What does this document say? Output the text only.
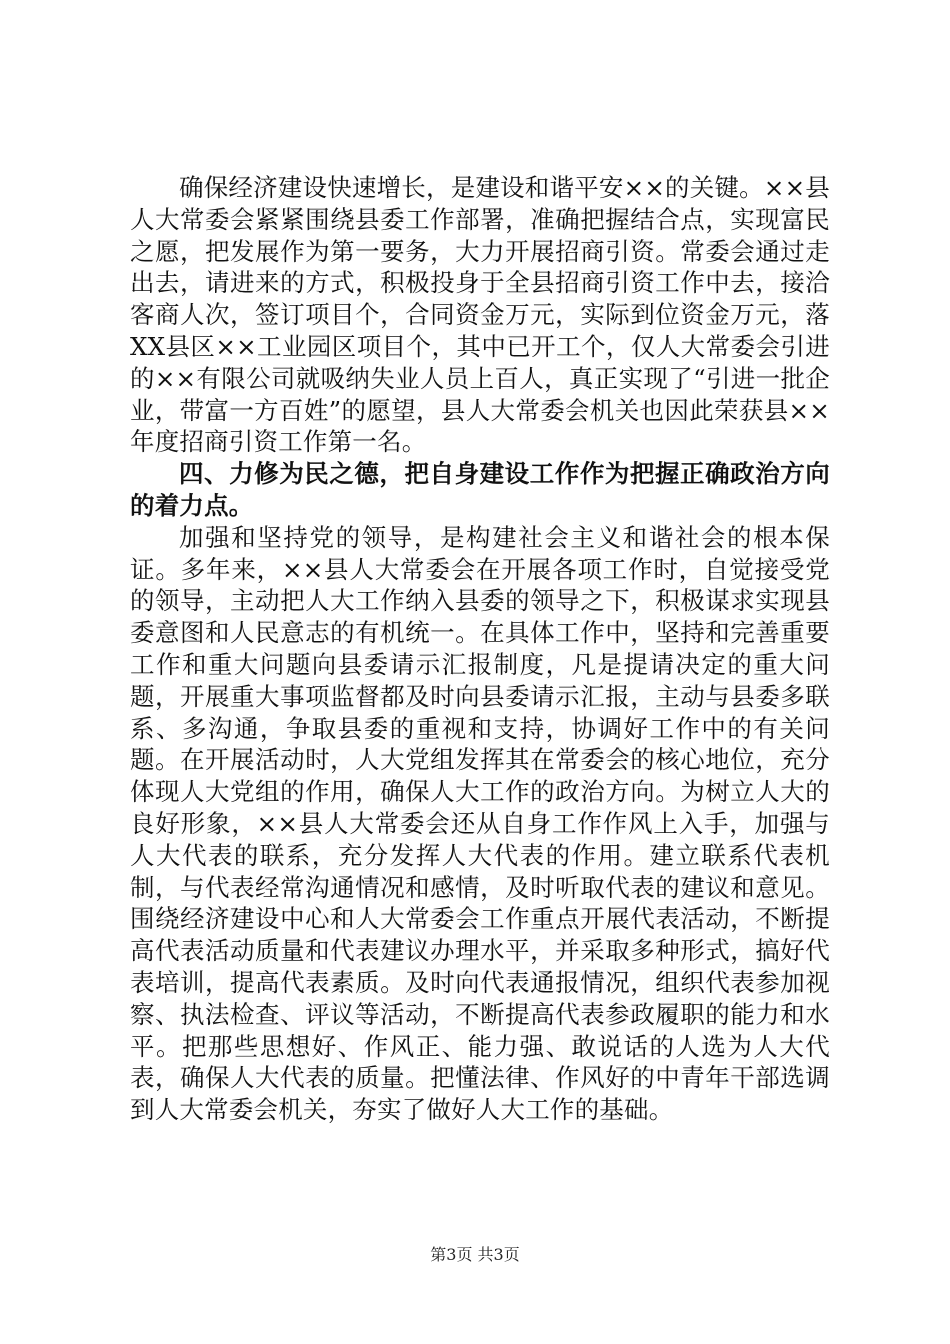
确保经济建设快速增长，是建设和谐平安××的关键。××县人大常委会紧紧围绕县委工作部署，准确把握结合点，实现富民之愿，把发展作为第一要务，大力开展招商引资。常委会通过走出去，请进来的方式，积极投身于全县招商引资工作中去，接洽客商人次，签订项目个，合同资金万元，实际到位资金万元，落XX县区××工业园区项目个，其中已开工个，仅人大常委会引进的××有限公司就吸纳失业人员上百人，真正实现了“引进一批企业，带富一方百姓”的愿望，县人大常委会机关也因此荣获县××年度招商引资工作第一名。

四、力修为民之德，把自身建设工作作为把握正确政治方向的着力点。

加强和坚持党的领导，是构建社会主义和谐社会的根本保证。多年来，××县人大常委会在开展各项工作时，自觉接受党的领导，主动把人大工作纳入县委的领导之下，积极谋求实现县委意图和人民意志的有机统一。在具体工作中，坚持和完善重要工作和重大问题向县委请示汇报制度，凡是提请决定的重大问题，开展重大事项监督都及时向县委请示汇报，主动与县委多联系、多沟通，争取县委的重视和支持，协调好工作中的有关问题。在开展活动时，人大党组发挥其在常委会的核心地位，充分体现人大党组的作用，确保人大工作的政治方向。为树立人大的良好形象，××县人大常委会还从自身工作作风上入手，加强与人大代表的联系，充分发挥人大代表的作用。建立联系代表机制，与代表经常沟通情况和感情，及时听取代表的建议和意见。围绕经济建设中心和人大常委会工作重点开展代表活动，不断提高代表活动质量和代表建议办理水平，并采取多种形式，搞好代表培训，提高代表素质。及时向代表通报情况，组织代表参加视察、执法检查、评议等活动，不断提高代表参政履职的能力和水平。把那些思想好、作风正、能力强、敢说话的人选为人大代表，确保人大代表的质量。把懂法律、作风好的中青年干部选调到人大常委会机关，夯实了做好人大工作的基础。

第3页 共3页
